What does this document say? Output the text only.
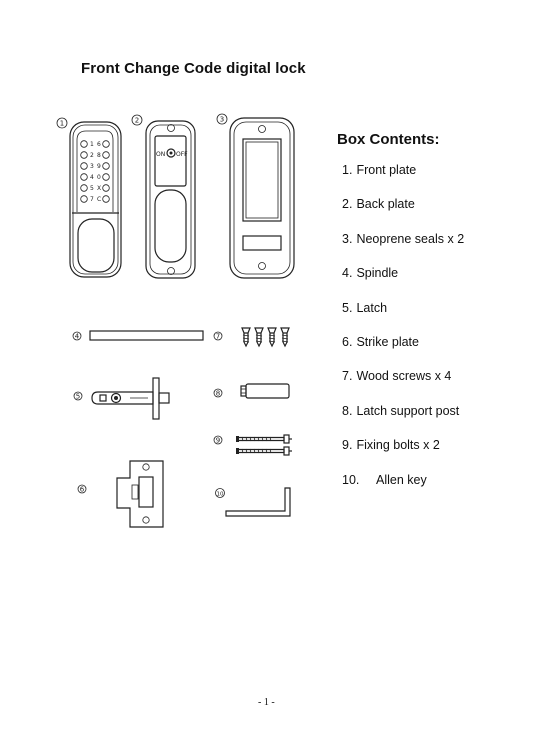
Front Change Code digital lock
Box Contents:
1. Front plate
2. Back plate
3. Neoprene seals x 2
4. Spindle
5. Latch
6. Strike plate
7. Wood screws x 4
8. Latch support post
9. Fixing bolts x 2
10.	Allen key
1	2	3
4	7
5	8
9
6
10
1
2
3
4
5
7
6
8
9
0
X
C
ON OFF
- 1 -
